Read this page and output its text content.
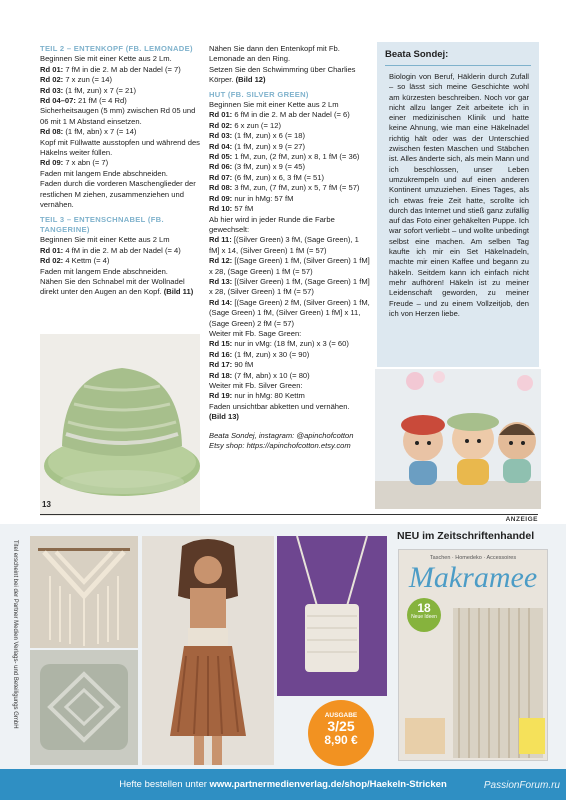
TEIL 2 – ENTENKOPF (FB. LEMONADE)

Beginnen Sie mit einer Kette aus 2 Lm.

Rd 01: 7 fM in die 2. M ab der Nadel (= 7)

Rd 02: 7 x zun (= 14)

Rd 03: (1 fM, zun) x 7 (= 21)

Rd 04–07: 21 fM (= 4 Rd)

Sicherheitsaugen (5 mm) zwischen Rd 05 und 06 mit 1 M Abstand einsetzen.

Rd 08: (1 fM, abn) x 7 (= 14)

Kopf mit Füllwatte ausstopfen und während des Häkelns weiter füllen.

Rd 09: 7 x abn (= 7)

Faden mit langem Ende abschneiden.

Faden durch die vorderen Maschenglieder der restlichen M ziehen, zusammenziehen und vernähen.

TEIL 3 – ENTENSCHNABEL (FB. TANGERINE)

Beginnen Sie mit einer Kette aus 2 Lm

Rd 01: 4 fM in die 2. M ab der Nadel (= 4)

Rd 02: 4 Kettm (= 4)

Faden mit langem Ende abschneiden.

Nähen Sie den Schnabel mit der Wollnadel direkt unter den Augen an den Kopf. (Bild 11)

13

Nähen Sie dann den Entenkopf mit Fb. Lemonade an den Ring.

Setzen Sie den Schwimmring über Charlies Körper. (Bild 12)

HUT (FB. SILVER GREEN)

Beginnen Sie mit einer Kette aus 2 Lm

Rd 01: 6 fM in die 2. M ab der Nadel (= 6)

Rd 02: 6 x zun (= 12)

Rd 03: (1 fM, zun) x 6 (= 18)

Rd 04: (1 fM, zun) x 9 (= 27)

Rd 05: 1 fM, zun, (2 fM, zun) x 8, 1 fM (= 36)

Rd 06: (3 fM, zun) x 9 (= 45)

Rd 07: (6 fM, zun) x 6, 3 fM (= 51)

Rd 08: 3 fM, zun, (7 fM, zun) x 5, 7 fM (= 57)

Rd 09: nur in hMg: 57 fM

Rd 10: 57 fM

Ab hier wird in jeder Runde die Farbe gewechselt:

Rd 11: [(Silver Green) 3 fM, (Sage Green), 1 fM] x 14, (Silver Green) 1 fM (= 57)

Rd 12: [(Sage Green) 1 fM, (Silver Green) 1 fM] x 28, (Sage Green) 1 fM (= 57)

Rd 13: [(Silver Green) 1 fM, (Sage Green) 1 fM] x 28, (Silver Green) 1 fM (= 57)

Rd 14: [(Sage Green) 2 fM, (Silver Green) 1 fM, (Sage Green) 1 fM, (Silver Green) 1 fM] x 11, (Sage Green) 2 fM (= 57)

Weiter mit Fb. Sage Green:

Rd 15: nur in vMg: (18 fM, zun) x 3 (= 60)

Rd 16: (1 fM, zun) x 30 (= 90)

Rd 17: 90 fM

Rd 18: (7 fM, abn) x 10 (= 80)

Weiter mit Fb. Silver Green:

Rd 19: nur in hMg: 80 Kettm

Faden unsichtbar abketten und vernähen.

(Bild 13)

Beata Sondej, instagram: @apinchofcotton

Etsy shop: https://apinchofcotton.etsy.com

Beata Sondej:
Biologin von Beruf, Häklerin durch Zufall – so lässt sich meine Geschichte wohl am kürzesten beschreiben. Noch vor gar nicht allzu langer Zeit arbeitete ich in einer medizinischen Klinik und hatte keine Ahnung, wie man eine Häkelnadel richtig hält oder was der Unterschied zwischen festen Maschen und Stäbchen ist. Alles änderte sich, als mein Mann und ich beschlossen, unser Leben umzukrempeln und auf einen anderen Kontinent umzuziehen. Eines Tages, als ich etwas freie Zeit hatte, scrollte ich durch das Internet und stieß ganz zufällig auf das Foto einer gehäkelten Puppe. Ich war sofort verliebt – und wollte unbedingt selbst eine machen. Am selben Tag kaufte ich mir ein Set Häkelnadeln, machte mir einen Kaffee und begann zu häkeln. Seitdem kann ich einfach nicht mehr aufhören! Häkeln ist zu meiner Leidenschaft geworden, zu meiner Freude – und zu einem Vollzeitjob, den ich von Herzen liebe.
ANZEIGE
Titel erscheint bei der Partner Medien Verlags- und Beteiligungs GmbH	AUSGABE
3/25
8,90 €
NEU im Zeitschriftenhandel
Taschen · Homedeko · Accessoires
Makramee
18
Neue Ideen
Hefte bestellen unter www.partnermedienverlag.de/shop/Haekeln-Stricken	PassionForum.ru
